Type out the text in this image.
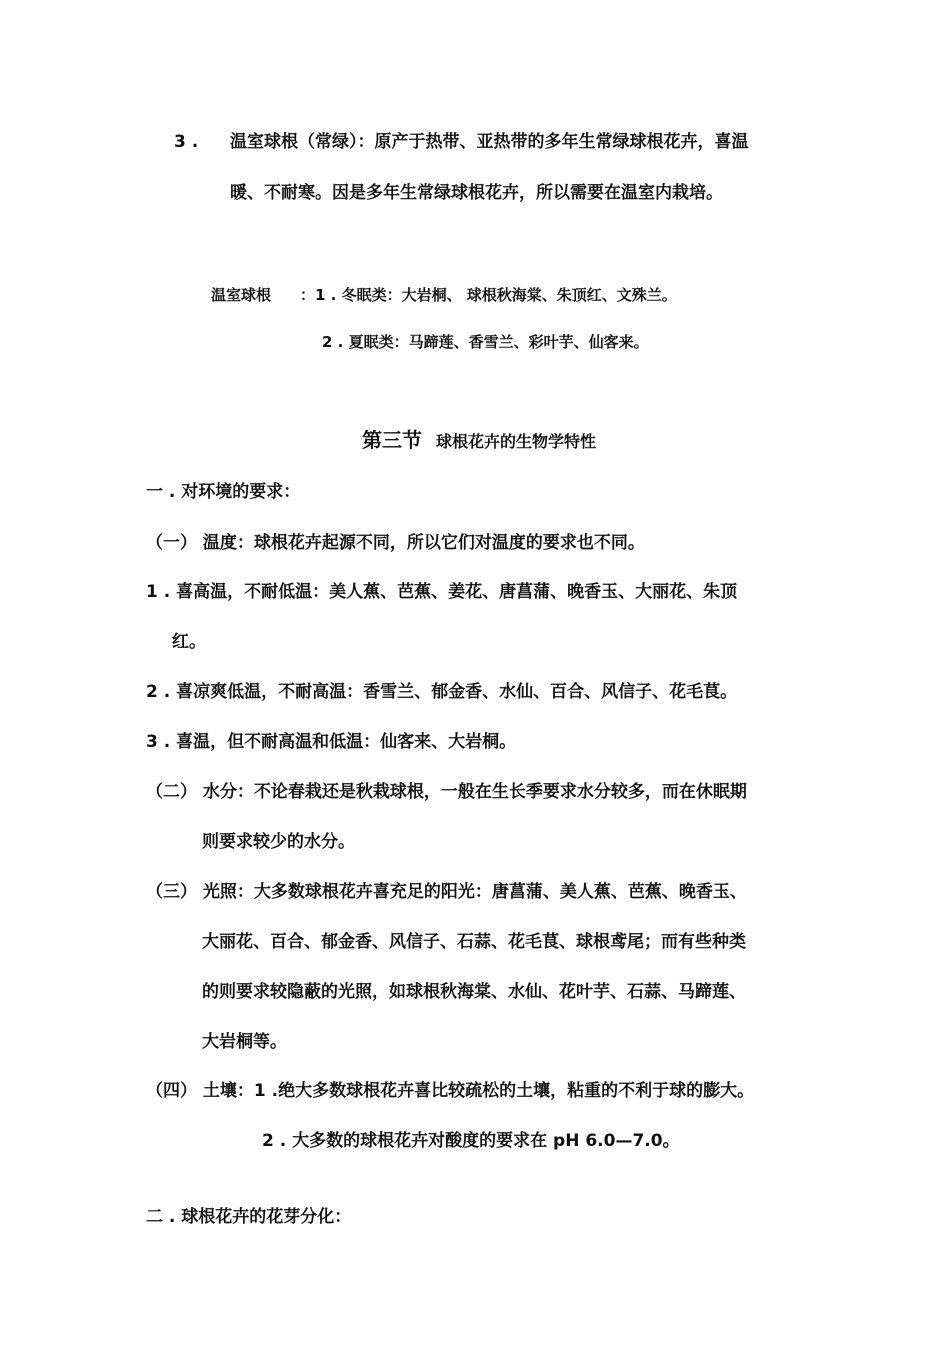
3 . 温室球根（常绿）：原产于热带、亚热带的多年生常绿球根花卉，喜温
暖、不耐寒。因是多年生常绿球根花卉，所以需要在温室内栽培。
温室球根 ：1 . 冬眠类：大岩桐、 球根秋海棠、朱顶红、文殊兰。
2 . 夏眠类：马蹄莲、香雪兰、彩叶芋、仙客来。
第三节 球根花卉的生物学特性
一 . 对环境的要求：
（一） 温度：球根花卉起源不同，所以它们对温度的要求也不同。
1 . 喜高温，不耐低温：美人蕉、芭蕉、姜花、唐菖蒲、晚香玉、大丽花、朱顶
红。
2 . 喜凉爽低温，不耐高温：香雪兰、郁金香、水仙、百合、风信子、花毛茛。
3 . 喜温，但不耐高温和低温：仙客来、大岩桐。
（二） 水分：不论春栽还是秋栽球根，一般在生长季要求水分较多，而在休眠期
则要求较少的水分。
（三） 光照：大多数球根花卉喜充足的阳光：唐菖蒲、美人蕉、芭蕉、晚香玉、
大丽花、百合、郁金香、风信子、石蒜、花毛茛、球根鸢尾；而有些种类
的则要求较隐蔽的光照，如球根秋海棠、水仙、花叶芋、石蒜、马蹄莲、
大岩桐等。
（四） 土壤：1 .绝大多数球根花卉喜比较疏松的土壤，粘重的不利于球的膨大。
2 . 大多数的球根花卉对酸度的要求在 pH 6.0—7.0。
二 . 球根花卉的花芽分化：
